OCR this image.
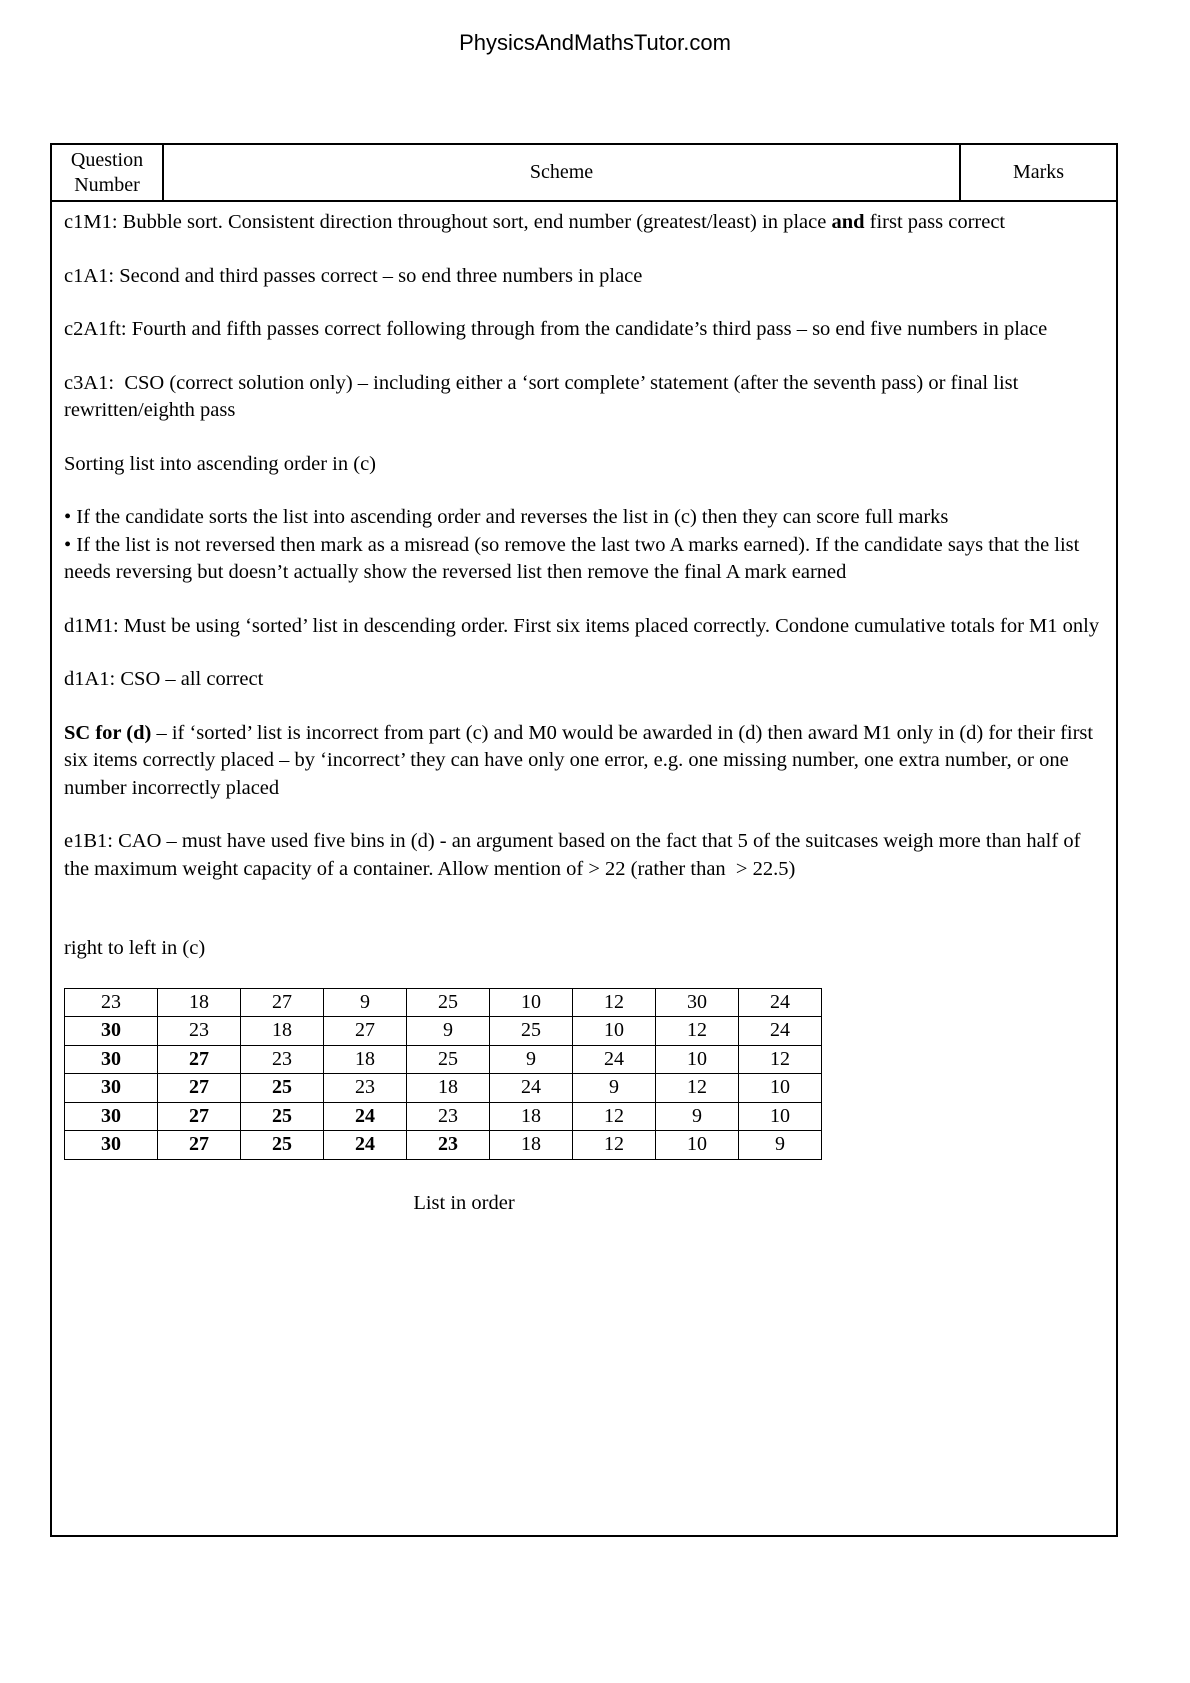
PhysicsAndMathsTutor.com
Question
Number
Scheme	Marks
c1M1: Bubble sort. Consistent direction throughout sort, end number (greatest/least) in place and first pass correct
c1A1: Second and third passes correct – so end three numbers in place
c2A1ft: Fourth and fifth passes correct following through from the candidate’s third pass – so end five numbers in place
c3A1:  CSO (correct solution only) – including either a ‘sort complete’ statement (after the seventh pass) or final list rewritten/eighth pass
Sorting list into ascending order in (c)
• If the candidate sorts the list into ascending order and reverses the list in (c) then they can score full marks
• If the list is not reversed then mark as a misread (so remove the last two A marks earned). If the candidate says that the list needs reversing but doesn’t actually show the reversed list then remove the final A mark earned
d1M1: Must be using ‘sorted’ list in descending order. First six items placed correctly. Condone cumulative totals for M1 only
d1A1: CSO – all correct
SC for (d) – if ‘sorted’ list is incorrect from part (c) and M0 would be awarded in (d) then award M1 only in (d) for their first six items correctly placed – by ‘incorrect’ they can have only one error, e.g. one missing number, one extra number, or one number incorrectly placed
e1B1: CAO – must have used five bins in (d) - an argument based on the fact that 5 of the suitcases weigh more than half of the maximum weight capacity of a container. Allow mention of > 22 (rather than  > 22.5)
right to left in (c)
23	18	27	9	25	10	12	30	24
30	23	18	27	9	25	10	12	24
30	27	23	18	25	9	24	10	12
30	27	25	23	18	24	9	12	10
30	27	25	24	23	18	12	9	10
30	27	25	24	23	18	12	10	9
List in order
